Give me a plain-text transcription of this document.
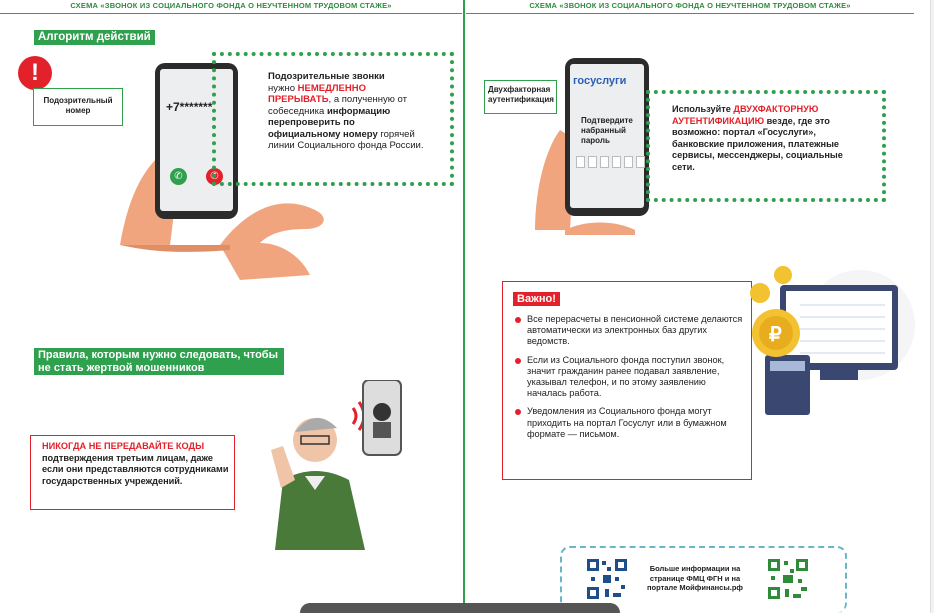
СХЕМА «ЗВОНОК ИЗ СОЦИАЛЬНОГО ФОНДА О НЕУЧТЕННОМ ТРУДОВОМ СТАЖЕ»
Алгоритм действий
!
Подозрительный номер	+7*******
✆	✆
Подозрительные звонки
нужно НЕМЕДЛЕННО ПРЕРЫВАТЬ, а полученную от собеседника информацию перепроверить по официальному номеру горячей линии Социального фонда России.
Правила, которым нужно следовать, чтобы не стать жертвой мошенников
НИКОГДА НЕ ПЕРЕДАВАЙТЕ КОДЫ подтверждения третьим лицам, даже если они представляются сотрудниками государственных учреждений.
СХЕМА «ЗВОНОК ИЗ СОЦИАЛЬНОГО ФОНДА О НЕУЧТЕННОМ ТРУДОВОМ СТАЖЕ»
Двухфакторная аутентификация
госуслуги
Подтвердите набранный пароль
Используйте ДВУХФАКТОРНУЮ АУТЕНТИФИКАЦИЮ везде, где это возможно: портал «Госуслуги», банковские приложения, платежные сервисы, мессенджеры, социальные сети.
Важно!
Все перерасчеты в пенсионной системе делаются автоматически из электронных баз других ведомств.
Если из Социального фонда поступил звонок, значит гражданин ранее подавал заявление, указывал телефон, и по этому заявлению началась работа.
Уведомления из Социального фонда могут приходить на портал Госуслуг или в бумажном формате — письмом.
₽
Больше информации на странице ФМЦ ФГН и на портале Мойфинансы.рф
